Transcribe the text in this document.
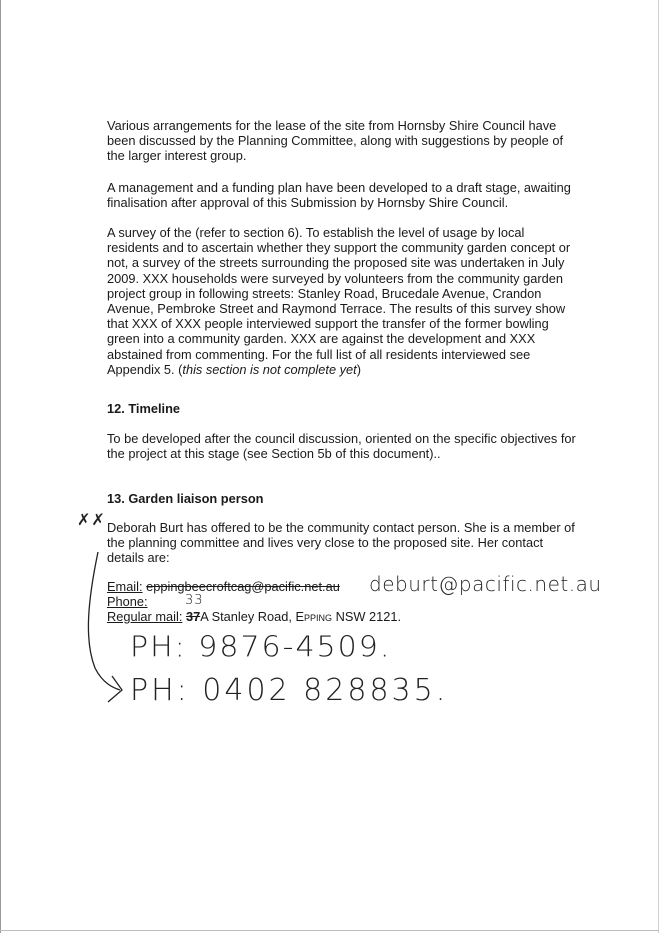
Various arrangements for the lease of the site from Hornsby Shire Council have been discussed by the Planning Committee, along with suggestions by people of the larger interest group.

A management and a funding plan have been developed to a draft stage, awaiting finalisation after approval of this Submission by Hornsby Shire Council.

A survey of the (refer to section 6). To establish the level of usage by local residents and to ascertain whether they support the community garden concept or not, a survey of the streets surrounding the proposed site was undertaken in July 2009. XXX households were surveyed by volunteers from the community garden project group in following streets: Stanley Road, Brucedale Avenue, Crandon Avenue, Pembroke Street and Raymond Terrace. The results of this survey show that XXX of XXX people interviewed support the transfer of the former bowling green into a community garden. XXX are against the development and XXX abstained from commenting. For the full list of all residents interviewed see Appendix 5. (this section is not complete yet)

12. Timeline

To be developed after the council discussion, oriented on the specific objectives for the project at this stage (see Section 5b of this document)..

13. Garden liaison person

Deborah Burt has offered to be the community contact person. She is a member of the planning committee and lives very close to the proposed site. Her contact details are:

Email: eppingbeecroftcag@pacific.net.au
Phone:
Regular mail: 37A Stanley Road, Epping NSW 2121.
deburt@pacific.net.au
33
PH: 9876-4509.
PH: 0402 828835.
✗✗
